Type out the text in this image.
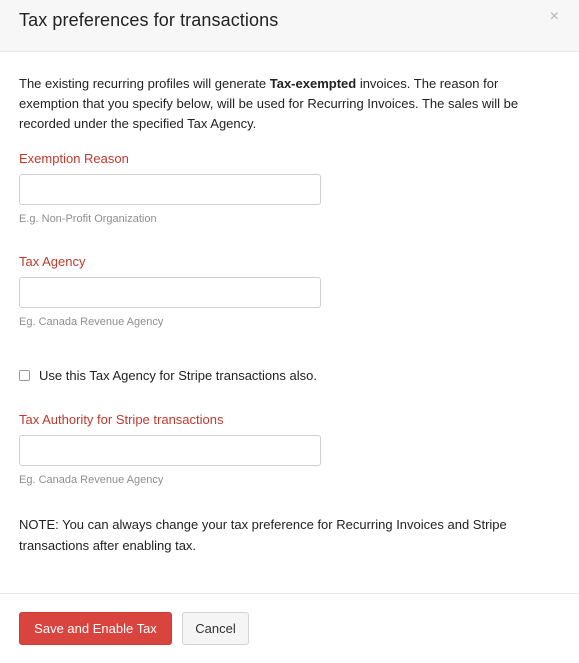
Tax preferences for transactions	×
The existing recurring profiles will generate Tax-exempted invoices. The reason for exemption that you specify below, will be used for Recurring Invoices. The sales will be recorded under the specified Tax Agency.
Exemption Reason
E.g. Non-Profit Organization
Tax Agency
Eg. Canada Revenue Agency
Use this Tax Agency for Stripe transactions also.
Tax Authority for Stripe transactions
Eg. Canada Revenue Agency
NOTE: You can always change your tax preference for Recurring Invoices and Stripe transactions after enabling tax.
Save and Enable Tax	Cancel
